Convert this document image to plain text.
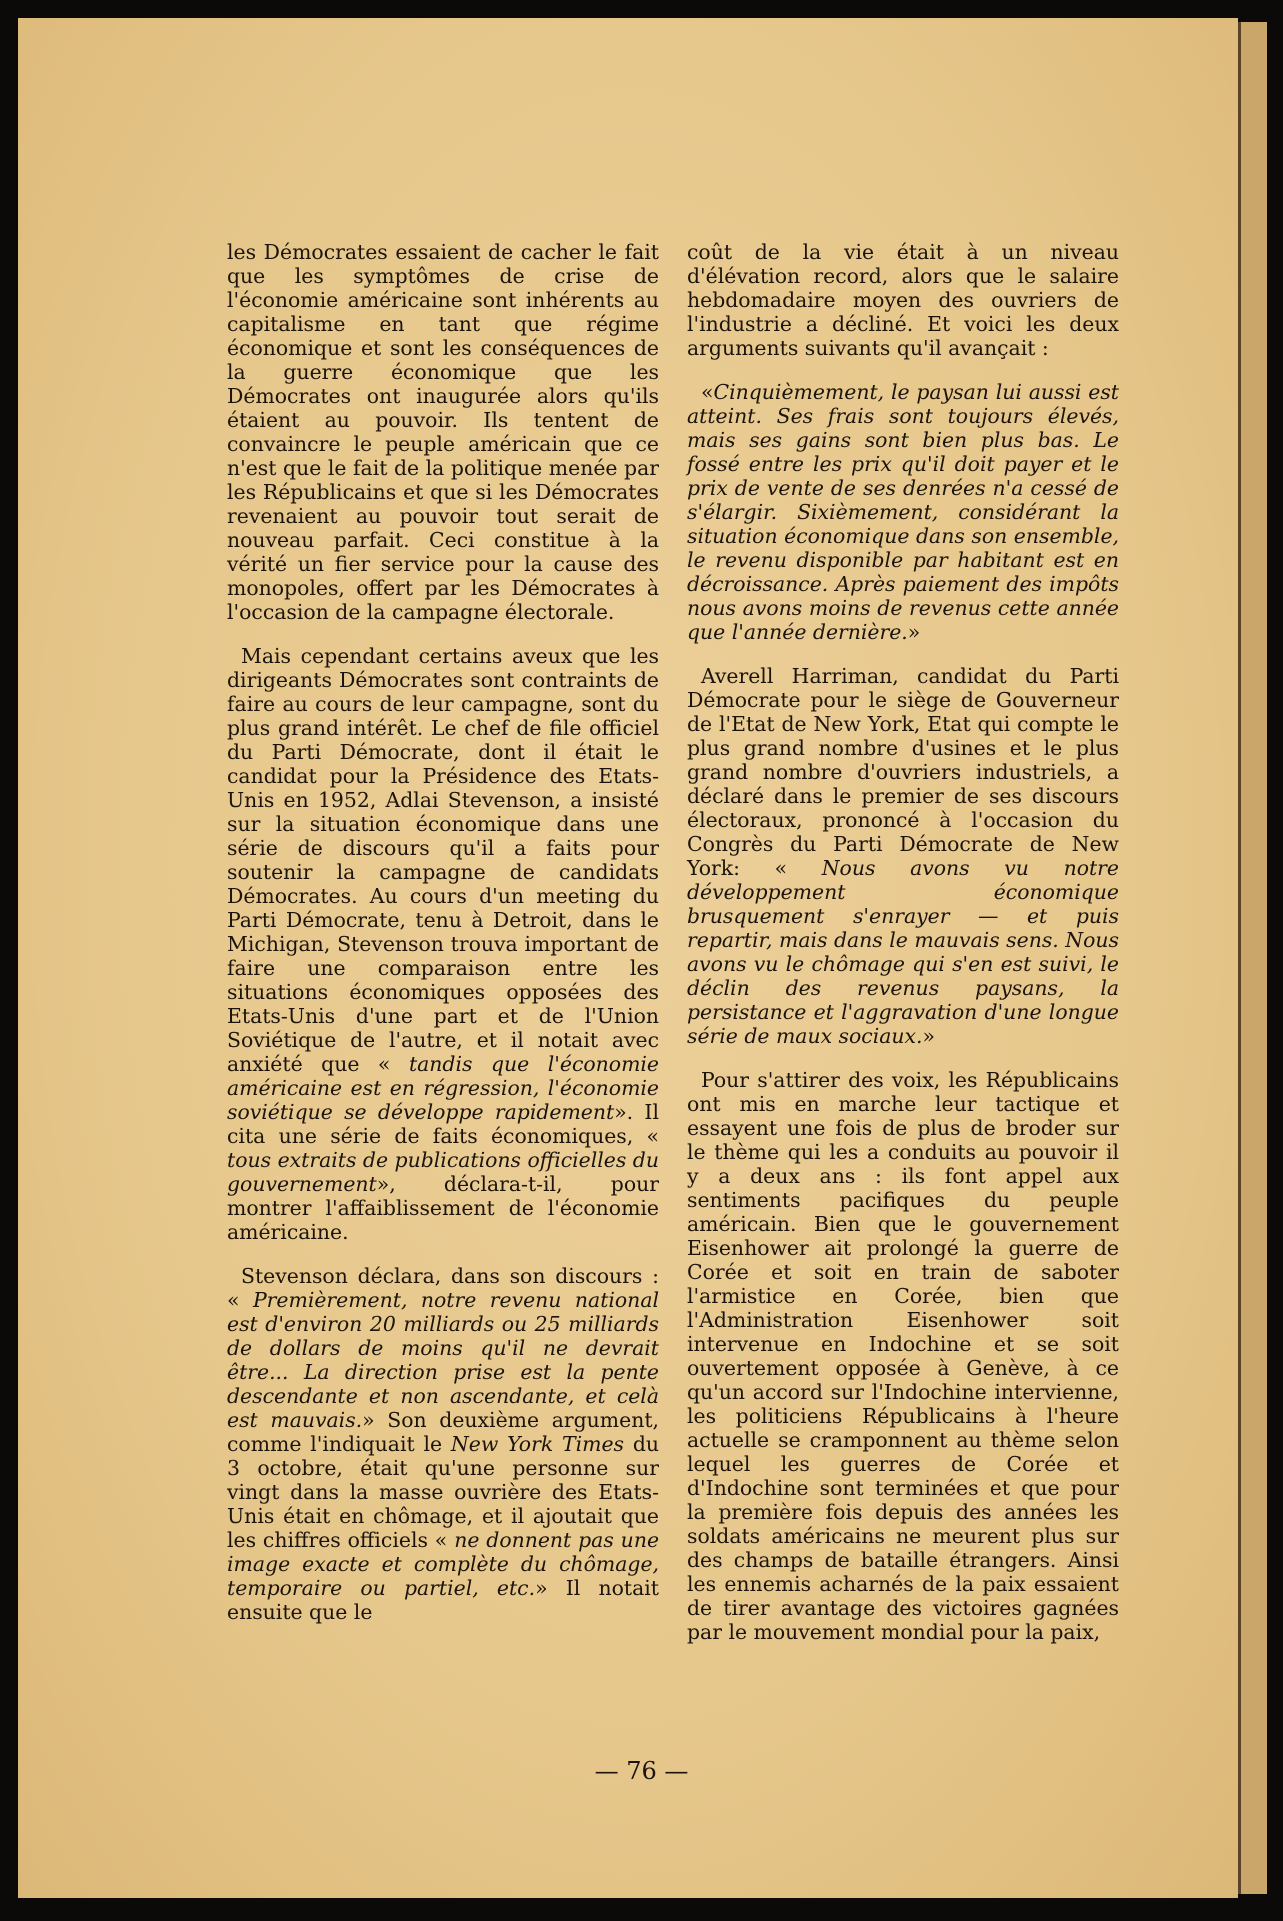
les Démocrates essaient de cacher le fait que les symptômes de crise de l'économie américaine sont inhérents au capitalisme en tant que régime économique et sont les conséquences de la guerre économique que les Démocrates ont inaugurée alors qu'ils étaient au pouvoir. Ils tentent de convaincre le peuple américain que ce n'est que le fait de la politique menée par les Républicains et que si les Démocrates revenaient au pouvoir tout serait de nouveau parfait. Ceci constitue à la vérité un fier service pour la cause des monopoles, offert par les Démocrates à l'occasion de la campagne électorale.

Mais cependant certains aveux que les dirigeants Démocrates sont contraints de faire au cours de leur campagne, sont du plus grand intérêt. Le chef de file officiel du Parti Démocrate, dont il était le candidat pour la Présidence des Etats-Unis en 1952, Adlai Stevenson, a insisté sur la situation économique dans une série de discours qu'il a faits pour soutenir la campagne de candidats Démocrates. Au cours d'un meeting du Parti Démocrate, tenu à Detroit, dans le Michigan, Stevenson trouva important de faire une comparaison entre les situations économiques opposées des Etats-Unis d'une part et de l'Union Soviétique de l'autre, et il notait avec anxiété que « tandis que l'économie américaine est en régression, l'économie soviétique se développe rapidement». Il cita une série de faits économiques, « tous extraits de publications officielles du gouvernement», déclara-t-il, pour montrer l'affaiblissement de l'économie américaine.

Stevenson déclara, dans son discours : « Premièrement, notre revenu national est d'environ 20 milliards ou 25 milliards de dollars de moins qu'il ne devrait être... La direction prise est la pente descendante et non ascendante, et celà est mauvais.» Son deuxième argument, comme l'indiquait le New York Times du 3 octobre, était qu'une personne sur vingt dans la masse ouvrière des Etats-Unis était en chômage, et il ajoutait que les chiffres officiels « ne donnent pas une image exacte et complète du chômage, temporaire ou partiel, etc.» Il notait ensuite que le

coût de la vie était à un niveau d'élévation record, alors que le salaire hebdomadaire moyen des ouvriers de l'industrie a décliné. Et voici les deux arguments suivants qu'il avançait :

«Cinquièmement, le paysan lui aussi est atteint. Ses frais sont toujours élevés, mais ses gains sont bien plus bas. Le fossé entre les prix qu'il doit payer et le prix de vente de ses denrées n'a cessé de s'élargir. Sixièmement, considérant la situation économique dans son ensemble, le revenu disponible par habitant est en décroissance. Après paiement des impôts nous avons moins de revenus cette année que l'année dernière.»

Averell Harriman, candidat du Parti Démocrate pour le siège de Gouverneur de l'Etat de New York, Etat qui compte le plus grand nombre d'usines et le plus grand nombre d'ouvriers industriels, a déclaré dans le premier de ses discours électoraux, prononcé à l'occasion du Congrès du Parti Démocrate de New York: « Nous avons vu notre développement économique brusquement s'enrayer — et puis repartir, mais dans le mauvais sens. Nous avons vu le chômage qui s'en est suivi, le déclin des revenus paysans, la persistance et l'aggravation d'une longue série de maux sociaux.»

Pour s'attirer des voix, les Républicains ont mis en marche leur tactique et essayent une fois de plus de broder sur le thème qui les a conduits au pouvoir il y a deux ans : ils font appel aux sentiments pacifiques du peuple américain. Bien que le gouvernement Eisenhower ait prolongé la guerre de Corée et soit en train de saboter l'armistice en Corée, bien que l'Administration Eisenhower soit intervenue en Indochine et se soit ouvertement opposée à Genève, à ce qu'un accord sur l'Indochine intervienne, les politiciens Républicains à l'heure actuelle se cramponnent au thème selon lequel les guerres de Corée et d'Indochine sont terminées et que pour la première fois depuis des années les soldats américains ne meurent plus sur des champs de bataille étrangers. Ainsi les ennemis acharnés de la paix essaient de tirer avantage des victoires gagnées par le mouvement mondial pour la paix,

— 76 —
